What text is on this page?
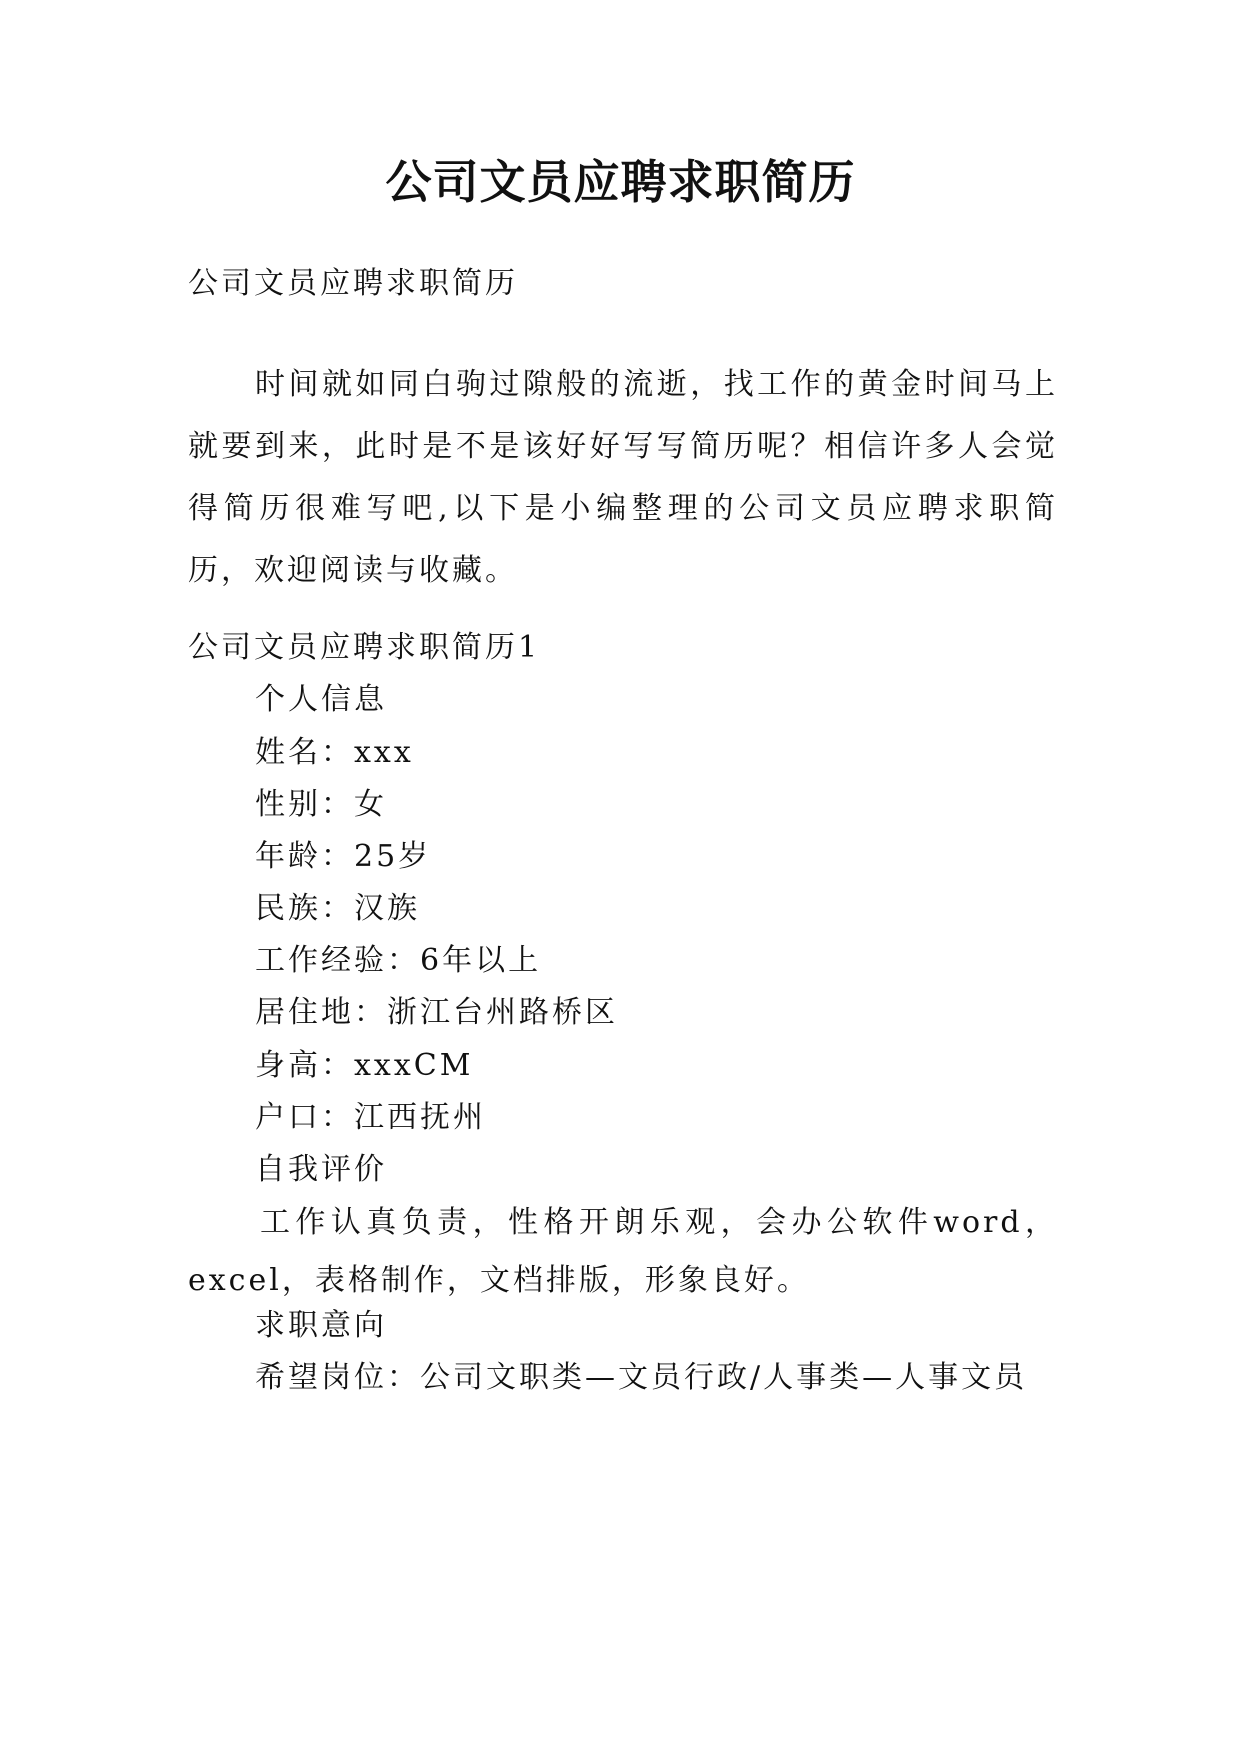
公司文员应聘求职简历
公司文员应聘求职简历
时间就如同白驹过隙般的流逝，找工作的黄金时间马上就要到来，此时是不是该好好写写简历呢？相信许多人会觉得简历很难写吧,以下是小编整理的公司文员应聘求职简历，欢迎阅读与收藏。
公司文员应聘求职简历1
个人信息
姓名：xxx
性别：女
年龄：25岁
民族：汉族
工作经验：6年以上
居住地：浙江台州路桥区
身高：xxxCM
户口：江西抚州
自我评价
工作认真负责，性格开朗乐观，会办公软件word，excel，表格制作，文档排版，形象良好。
求职意向
希望岗位：公司文职类—文员行政/人事类—人事文员
